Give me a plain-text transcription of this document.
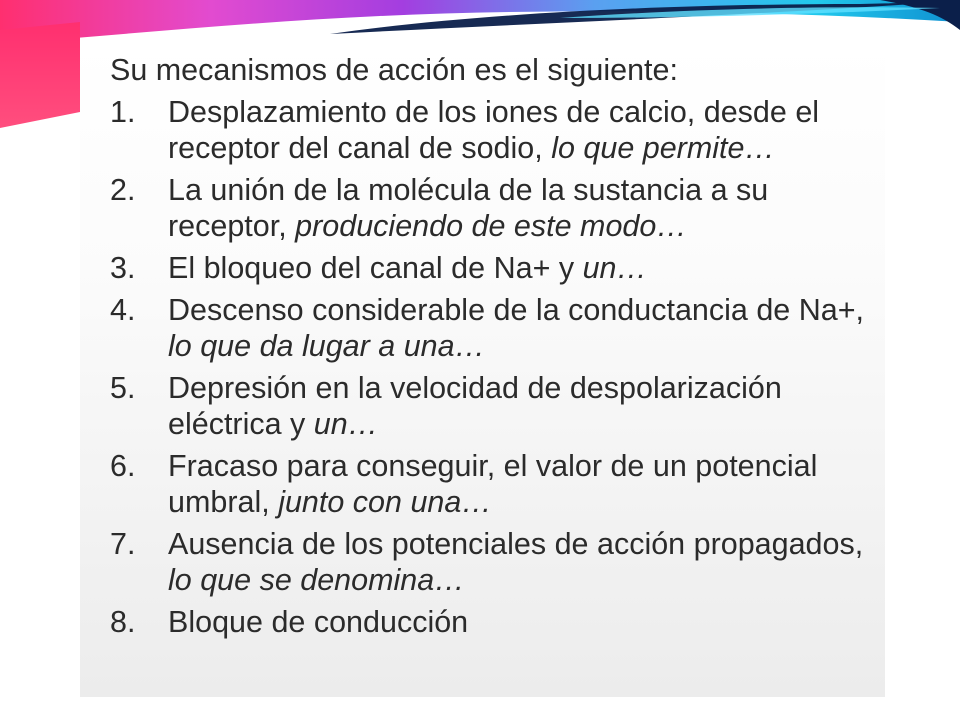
Su mecanismos de acción es el siguiente:

1.	Desplazamiento de los iones de calcio, desde el receptor del canal de sodio, lo que permite…
2.	La unión de la molécula de la sustancia a su receptor, produciendo de este modo…
3.	El bloqueo del canal de Na+ y un…
4.	Descenso considerable de la conductancia de Na+, lo que da lugar a una…
5.	Depresión en la velocidad de despolarización eléctrica y un…
6.	Fracaso para conseguir, el valor de un potencial umbral, junto con una…
7.	Ausencia de los potenciales de acción propagados, lo que se denomina…
8.	Bloque de conducción
